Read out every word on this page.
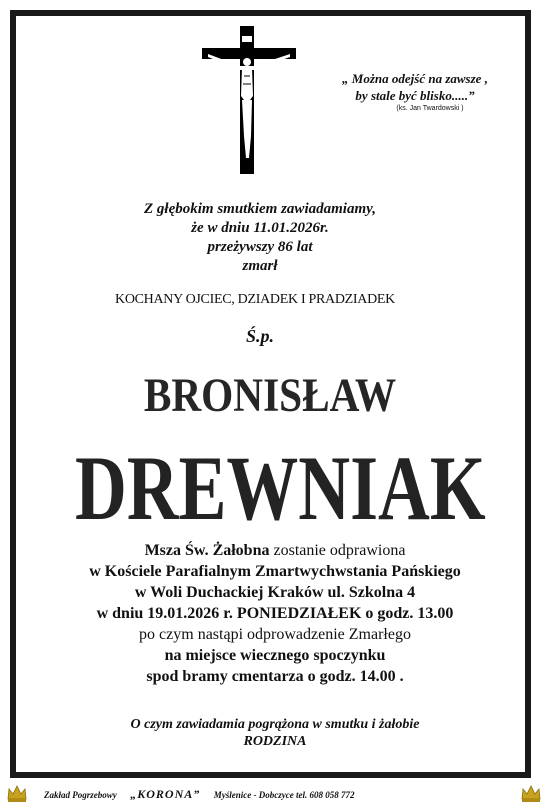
„ Można odejść na zawsze ,
by stale być blisko.....”
(ks. Jan Twardowski )
Z głębokim smutkiem zawiadamiamy,
że w dniu 11.01.2026r.
przeżywszy 86 lat
zmarł
KOCHANY OJCIEC, DZIADEK I PRADZIADEK
Ś.p.
BRONISŁAW
DREWNIAK
Msza Św. Żałobna zostanie odprawiona
w Kościele Parafialnym Zmartwychwstania Pańskiego
w Woli Duchackiej Kraków ul. Szkolna 4
w dniu 19.01.2026 r. PONIEDZIAŁEK o godz. 13.00
po czym nastąpi odprowadzenie Zmarłego
na miejsce wiecznego spoczynku
spod bramy cmentarza o godz. 14.00 .
O czym zawiadamia pogrążona w smutku i żałobie
RODZINA
Zakład Pogrzebowy „KORONA” Myślenice - Dobczyce tel. 608 058 772
